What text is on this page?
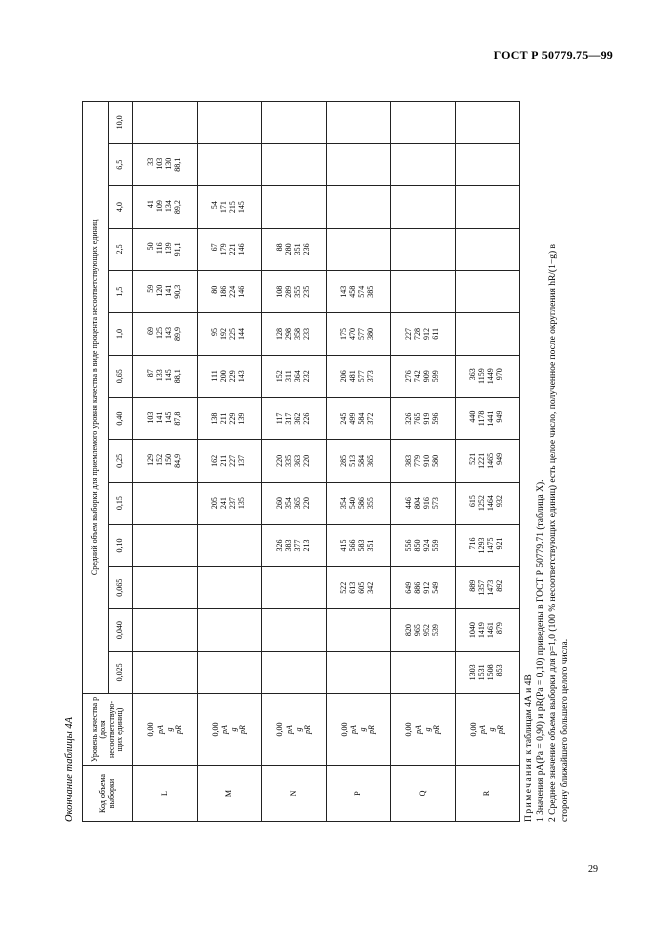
ГОСТ Р 50779.75—99
Окончание таблицы 4А	Код объема выборки	Уровень качества p (доля несоответствую-щих единиц)	Средний объем выборки для приемлемого уровня качества в виде процента несоответствующих единиц													
		0,025	0,040	0,065	0,10	0,15	0,25	0,40	0,65	1,0	1,5	2,5	4,0	6,5	10,0
L	0,00 pA g pR						129 152 150 84,9	103 141 145 87,8	87 133 145 88,1	69 125 143 89,9	59 120 141 90,3	50 116 139 91,1	41 109 134 89,2	33 103 130 88,1	

M	0,00 pA g pR					205 241 237 135	162 211 227 137	138 211 229 139	111 200 229 143	95 192 225 144	80 186 224 146	67 179 221 146	54 171 215 145		

N	0,00 pA g pR				326 383 377 213	260 354 365 220	220 335 363 220	117 317 362 226	152 311 364 232	128 298 358 233	108 289 355 235	88 280 351 236			

P	0,00 pA g pR			522 613 605 342	415 566 583 351	354 540 586 355	285 513 584 365	245 499 584 372	206 481 577 373	175 470 577 380	143 458 574 385				

Q	0,00 pA g pR		820 965 952 539	649 886 912 549	556 850 924 559	446 804 916 573	383 779 910 580	326 765 919 596	276 742 909 599	227 728 912 611					

R	0,00 pA g pR	1303 1531 1508 853	1040 1419 1461 879	889 1357 1473 892	716 1293 1475 921	615 1252 1464 932	521 1221 1465 949	440 1178 1441 949	363 1159 1449 970						

Примечания к таблицам 4А и 4В 1 Значения pA(Pa = 0,90) и pR(Pa = 0,10) приведены в ГОСТ Р 50779.71 (таблица X). 2 Среднее значение объема выборки для p=1,0 (100 % несоответствующих единиц) есть целое число, полученное после округления hR/(1−g) в сторону ближайшего большего целого числа.
29
